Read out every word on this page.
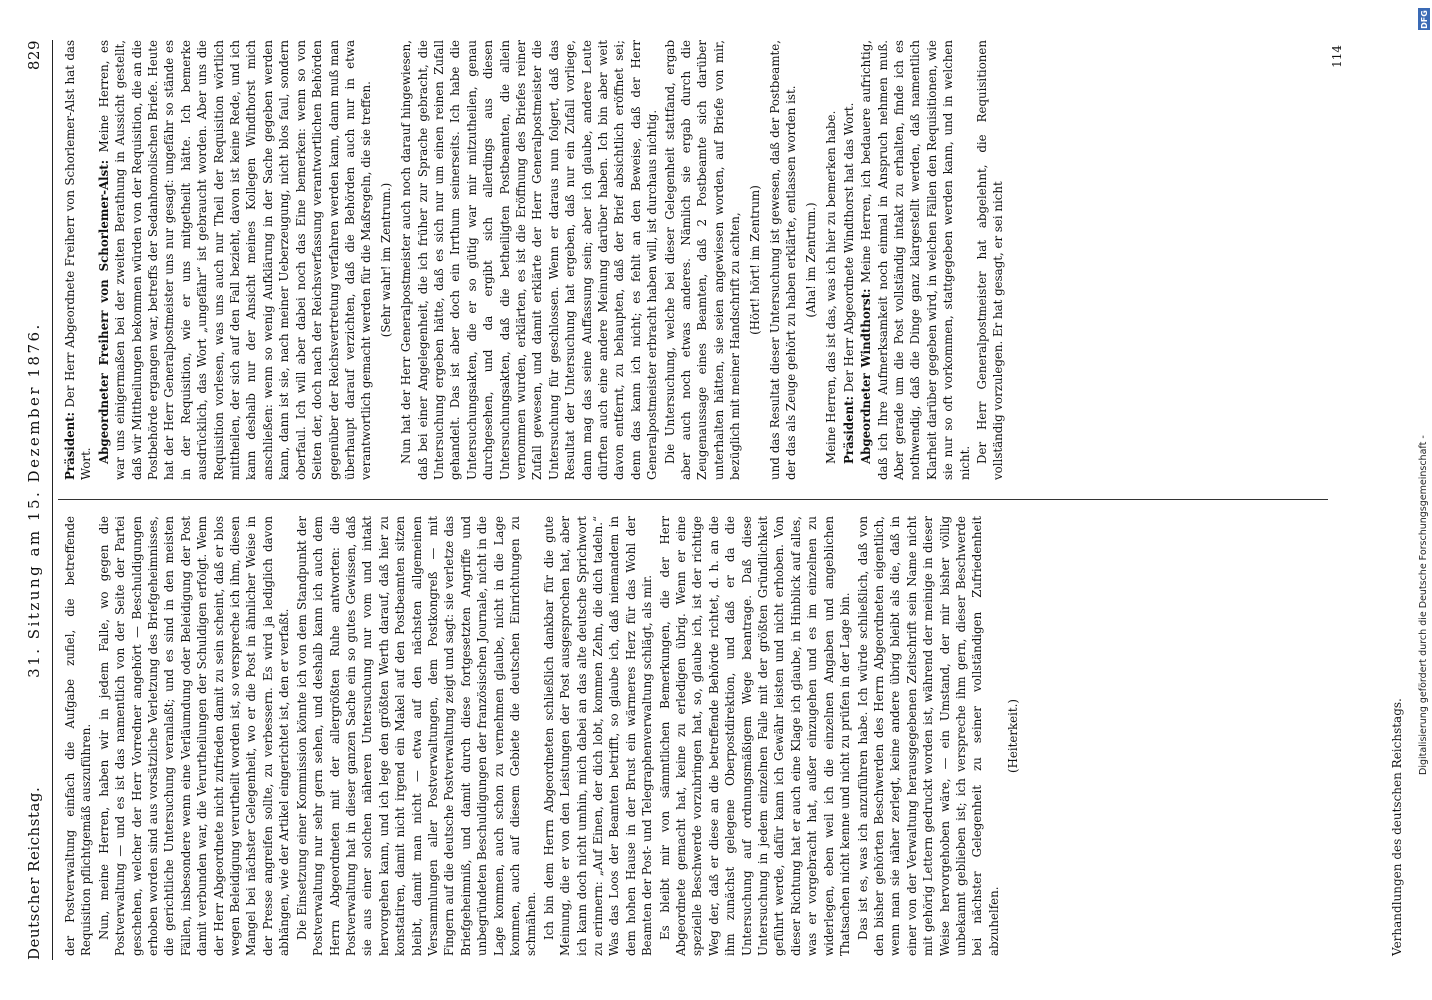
Deutscher Reichstag.
31. Sitzung am 15. Dezember 1876.
829

der Postverwaltung einfach die Aufgabe zufiel, die betreffende Requisition pflichtgemäß auszuführen. Nun, meine Herren, haben wir in jedem Falle, wo gegen die Postverwaltung — und es ist das namentlich von der Seite der Partei geschehen, welcher der Herr Vorredner angehört — Beschuldigungen erhoben worden sind aus vorsätzliche Verletzung des Briefgeheimnisses, die gerichtliche Untersuchung veranlaßt; und es sind in den meisten Fällen, insbesondere wenn eine Verläumdung oder Beleidigung der Post damit verbunden war, die Verurtheilungen der Schuldigen erfolgt. Wenn der Herr Abgeordnete nicht zufrieden damit zu sein scheint, daß er blos wegen Beleidigung verurtheilt worden ist, so verspreche ich ihm, diesen Mangel bei nächster Gelegenheit, wo er die Post in ähnlicher Weise in der Presse angreifen sollte, zu verbessern. Es wird ja lediglich davon abhängen, wie der Artikel eingerichtet ist, den er verfaßt. Die Einsetzung einer Kommission könnte ich von dem Standpunkt der Postverwaltung nur sehr gern sehen, und deshalb kann ich auch dem Herrn Abgeordneten mit der allergrößten Ruhe antworten: die Postverwaltung hat in dieser ganzen Sache ein so gutes Gewissen, daß sie aus einer solchen näheren Untersuchung nur vom und intakt hervorgehen kann, und ich lege den größten Werth darauf, daß hier zu konstatiren, damit nicht irgend ein Makel auf den Postbeamten sitzen bleibt, damit man nicht — etwa auf den nächsten allgemeinen Versammlungen aller Postverwaltungen, dem Postkongreß — mit Fingern auf die deutsche Postverwaltung zeigt und sagt: sie verletze das Briefgeheimniß, und damit durch diese fortgesetzten Angriffe und unbegründeten Beschuldigungen der französischen Journale, nicht in die Lage kommen, auch schon zu vernehmen glaube, nicht in die Lage kommen, auch auf diesem Gebiete die deutschen Einrichtungen zu schmähen. Ich bin dem Herrn Abgeordneten schließlich dankbar für die gute Meinung, die er von den Leistungen der Post ausgesprochen hat, aber ich kann doch nicht umhin, mich dabei an das alte deutsche Sprichwort zu erinnern: „Auf Einen, der dich lobt, kommen Zehn, die dich tadeln.“ Was das Loos der Beamten betrifft, so glaube ich, daß niemandem in dem hohen Hause in der Brust ein wärmeres Herz für das Wohl der Beamten der Post- und Telegraphenverwaltung schlägt, als mir. Es bleibt mir von sämmtlichen Bemerkungen, die der Herr Abgeordnete gemacht hat, keine zu erledigen übrig. Wenn er eine spezielle Beschwerde vorzubringen hat, so, glaube ich, ist der richtige Weg der, daß er diese an die betreffende Behörde richtet, d. h. an die ihm zunächst gelegene Oberpostdirektion, und daß er da die Untersuchung auf ordnungsmäßigem Wege beantrage. Daß diese Untersuchung in jedem einzelnen Falle mit der größten Gründlichkeit geführt werde, dafür kann ich Gewähr leisten und nicht erhoben. Von dieser Richtung hat er auch eine Klage ich glaube, in Hinblick auf alles, was er vorgebracht hat, außer einzugehen und es im einzelnen zu widerlegen, eben weil ich die einzelnen Angaben und angeblichen Thatsachen nicht kenne und nicht zu prüfen in der Lage bin. Das ist es, was ich anzuführen habe. Ich würde schließlich, daß von den bisher gehörten Beschwerden des Herrn Abgeordneten eigentlich, wenn man sie näher zerlegt, keine andere übrig bleibt als die, daß in einer von der Verwaltung herausgegebenen Zeitschrift sein Name nicht mit gehörig Lettern gedruckt worden ist, während der meinige in dieser Weise hervorgehoben wäre, — ein Umstand, der mir bisher völlig unbekannt geblieben ist; ich verspreche ihm gern, dieser Beschwerde bei nächster Gelegenheit zu seiner vollständigen Zufriedenheit abzuhelfen.

(Heiterkeit.)

Präsident: Der Herr Abgeordnete Freiherr von Schorlemer-Alst hat das Wort. Abgeordneter Freiherr von Schorlemer-Alst: Meine Herren, es war uns einigermaßen bei der zweiten Berathung in Aussicht gestellt, daß wir Mittheilungen bekommen würden von der Requisition, die an die Postbehörde ergangen war, betreffs der Sedanhomolischen Briefe. Heute hat der Herr Generalpostmeister uns nur gesagt: ungefähr so stände es in der Requisition, wie er uns mitgetheilt hätte. Ich bemerke ausdrücklich, das Wort „ungefähr“ ist gebraucht worden. Aber uns die Requisition vorlesen, was uns auch nur Theil der Requisition wörtlich mittheilen, der sich auf den Fall bezieht, davon ist keine Rede, und ich kann deshalb nur der Ansicht meines Kollegen Windthorst mich anschließen: wenn so wenig Aufklärung in der Sache gegeben werden kann, dann ist sie, nach meiner Ueberzeugung, nicht blos faul, sondern oberfaul. Ich will aber dabei noch das Eine bemerken: wenn so von Seiten der, doch nach der Reichsverfassung verantwortlichen Behörden gegenüber der Reichsvertretung verfahren werden kann, dann muß man überhaupt darauf verzichten, daß die Behörden auch nur in etwa verantwortlich gemacht werden für die Maßregeln, die sie treffen. (Sehr wahr! im Zentrum.) Nun hat der Herr Generalpostmeister auch noch darauf hingewiesen, daß bei einer Angelegenheit, die ich früher zur Sprache gebracht, die Untersuchung ergeben hätte, daß es sich nur um einen reinen Zufall gehandelt. Das ist aber doch ein Irrthum seinerseits. Ich habe die Untersuchungsakten, die er so gütig war mir mitzutheilen, genau durchgesehen, und da ergibt sich allerdings aus diesen Untersuchungsakten, daß die betheiligten Postbeamten, die allein vernommen wurden, erklärten, es ist die Eröffnung des Briefes reiner Zufall gewesen, und damit erklärte der Herr Generalpostmeister die Untersuchung für geschlossen. Wenn er daraus nun folgert, daß das Resultat der Untersuchung hat ergeben, daß nur ein Zufall vorliege, dann mag das seine Auffassung sein; aber ich glaube, andere Leute dürften auch eine andere Meinung darüber haben. Ich bin aber weit davon entfernt, zu behaupten, daß der Brief absichtlich eröffnet sei; denn das kann ich nicht; es fehlt an den Beweise, daß der Herr Generalpostmeister erbracht haben will, ist durchaus nichtig. Die Untersuchung, welche bei dieser Gelegenheit stattfand, ergab aber auch noch etwas anderes. Nämlich sie ergab durch die Zeugenaussage eines Beamten, daß 2 Postbeamte sich darüber unterhalten hätten, sie seien angewiesen worden, auf Briefe von mir, bezüglich mit meiner Handschrift zu achten, (Hört! hört! im Zentrum) und das Resultat dieser Untersuchung ist gewesen, daß der Postbeamte, der das als Zeuge gehört zu haben erklärte, entlassen worden ist. (Aha! im Zentrum.) Meine Herren, das ist das, was ich hier zu bemerken habe. Präsident: Der Herr Abgeordnete Windthorst hat das Wort. Abgeordneter Windthorst: Meine Herren, ich bedauere aufrichtig, daß ich Ihre Aufmerksamkeit noch einmal in Anspruch nehmen muß. Aber gerade um die Post vollständig intakt zu erhalten, finde ich es nothwendig, daß die Dinge ganz klargestellt werden, daß namentlich Klarheit darüber gegeben wird, in welchen Fällen den Requisitionen, wie sie nur so oft vorkommen, stattgegeben werden kann, und in welchen nicht. Der Herr Generalpostmeister hat abgelehnt, die Requisitionen vollständig vorzulegen. Er hat gesagt, er sei nicht

Verhandlungen des deutschen Reichstags.
114
DFG
Digitalisierung gefördert durch die Deutsche Forschungsgemeinschaft -
